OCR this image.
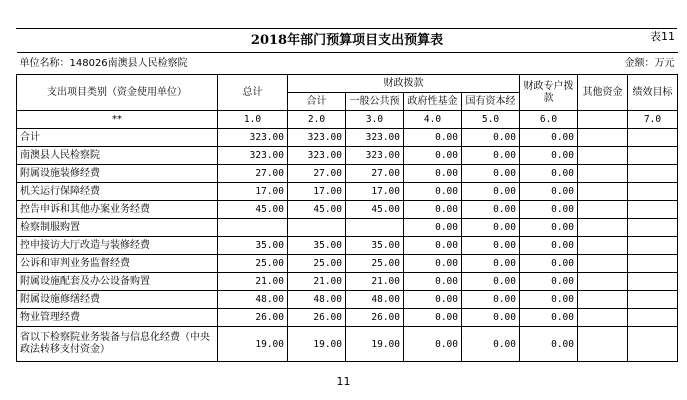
表11
2018年部门预算项目支出预算表								
单位名称：148026南澳县人民检察院							金额：万元	
支出项目类别（资金使用单位）	总计	财政拨款				财政专户拨款	其他资金	绩效目标
		合计	一般公共预	政府性基金	国有资本经			
**	1.0	2.0	3.0	4.0	5.0	6.0		7.0
合计	323.00	323.00	323.00	0.00	0.00	0.00		
南澳县人民检察院	323.00	323.00	323.00	0.00	0.00	0.00		
附属设施装修经费	27.00	27.00	27.00	0.00	0.00	0.00		
机关运行保障经费	17.00	17.00	17.00	0.00	0.00	0.00		
控告申诉和其他办案业务经费	45.00	45.00	45.00	0.00	0.00	0.00		
检察制服购置				0.00	0.00	0.00		
控申接访大厅改造与装修经费	35.00	35.00	35.00	0.00	0.00	0.00		
公诉和审判业务监督经费	25.00	25.00	25.00	0.00	0.00	0.00		
附属设施配套及办公设备购置	21.00	21.00	21.00	0.00	0.00	0.00		
附属设施修缮经费	48.00	48.00	48.00	0.00	0.00	0.00		
物业管理经费	26.00	26.00	26.00	0.00	0.00	0.00		
省以下检察院业务装备与信息化经费（中央政法转移支付资金）	19.00	19.00	19.00	0.00	0.00	0.00		
11
